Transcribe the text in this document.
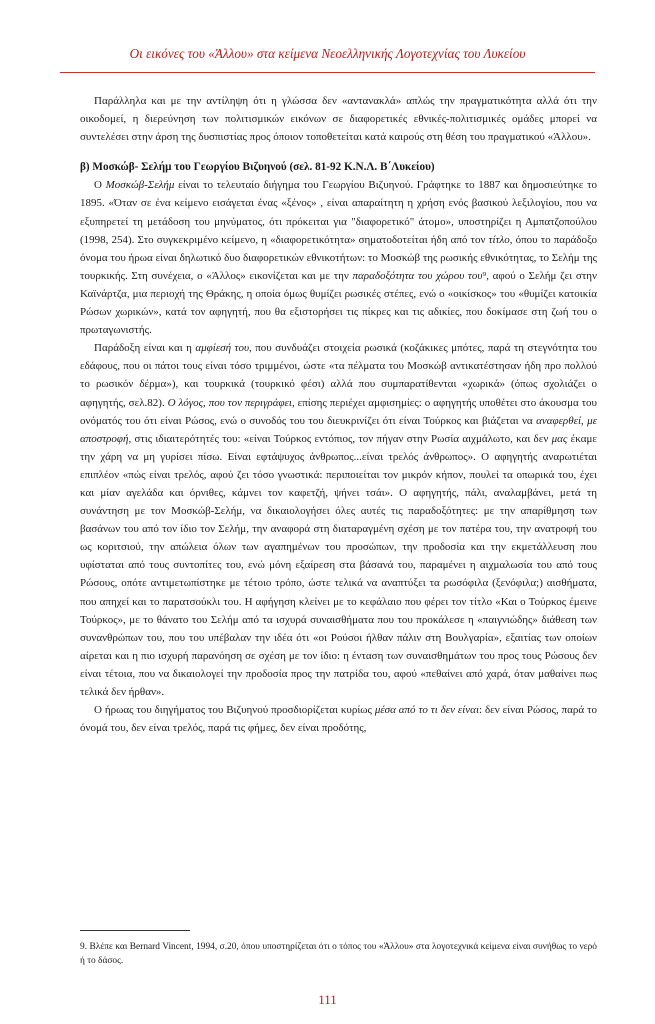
Οι εικόνες του «Άλλου» στα κείμενα Νεοελληνικής Λογοτεχνίας του Λυκείου

Παράλληλα και με την αντίληψη ότι η γλώσσα δεν «αντανακλά» απλώς την πραγματικότητα αλλά ότι την οικοδομεί, η διερεύνηση των πολιτισμικών εικόνων σε διαφορετικές εθνικές-πολιτισμικές ομάδες μπορεί να συντελέσει στην άρση της δυσπιστίας προς όποιον τοποθετείται κατά καιρούς στη θέση του πραγματικού «Άλλου».

β) Μοσκώβ- Σελήμ του Γεωργίου Βιζυηνού (σελ. 81-92 Κ.Ν.Λ. Β΄Λυκείου)

Ο Μοσκώβ-Σελήμ είναι το τελευταίο διήγημα του Γεωργίου Βιζυηνού. Γράφτηκε το 1887 και δημοσιεύτηκε το 1895. «Όταν σε ένα κείμενο εισάγεται ένας «ξένος» , είναι απαραίτητη η χρήση ενός βασικού λεξιλογίου, που να εξυπηρετεί τη μετάδοση του μηνύματος, ότι πρόκειται για "διαφορετικό" άτομο», υποστηρίζει η Αμπατζοπούλου (1998, 254). Στο συγκεκριμένο κείμενο, η «διαφορετικότητα» σηματοδοτείται ήδη από τον τίτλο, όπου το παράδοξο όνομα του ήρωα είναι δηλωτικό δυο διαφορετικών εθνικοτήτων: το Μοσκώβ της ρωσικής εθνικότητας, το Σελήμ της τουρκικής. Στη συνέχεια, ο «Άλλος» εικονίζεται και με την παραδοξότητα του χώρου του⁹, αφού ο Σελήμ ζει στην Καϊνάρτζα, μια περιοχή της Θράκης, η οποία όμως θυμίζει ρωσικές στέπες, ενώ ο «οικίσκος» του «θυμίζει κατοικία Ρώσων χωρικών», κατά τον αφηγητή, που θα εξιστορήσει τις πίκρες και τις αδικίες, που δοκίμασε στη ζωή του ο πρωταγωνιστής.

Παράδοξη είναι και η αμφίεσή του, που συνδυάζει στοιχεία ρωσικά (κοζάκικες μπότες, παρά τη στεγνότητα του εδάφους, που οι πάτοι τους είναι τόσο τριμμένοι, ώστε «τα πέλματα του Μοσκώβ αντικατέστησαν ήδη προ πολλού το ρωσικόν δέρμα»), και τουρκικά (τουρκικό φέσι) αλλά που συμπαρατίθενται «χωρικά» (όπως σχολιάζει ο αφηγητής, σελ.82). Ο λόγος, που τον περιγράφει, επίσης περιέχει αμφισημίες: ο αφηγητής υποθέτει στο άκουσμα του ονόματός του ότι είναι Ρώσος, ενώ ο συνοδός του του διευκρινίζει ότι είναι Τούρκος και βιάζεται να αναφερθεί, με αποστροφή, στις ιδιαιτερότητές του: «είναι Τούρκος εντόπιος, τον πήγαν στην Ρωσία αιχμάλωτο, και δεν μας έκαμε την χάρη να μη γυρίσει πίσω. Είναι εφτάψυχος άνθρωπος...είναι τρελός άνθρωπος». Ο αφηγητής αναρωτιέται επιπλέον «πώς είναι τρελός, αφού ζει τόσο γνωστικά: περιποιείται τον μικρόν κήπον, πουλεί τα οπωρικά του, έχει και μίαν αγελάδα και όρνιθες, κάμνει τον καφετζή, ψήνει τσάι». Ο αφηγητής, πάλι, αναλαμβάνει, μετά τη συνάντηση με τον Μοσκώβ-Σελήμ, να δικαιολογήσει όλες αυτές τις παραδοξότητες: με την απαρίθμηση των βασάνων του από τον ίδιο τον Σελήμ, την αναφορά στη διαταραγμένη σχέση με τον πατέρα του, την ανατροφή του ως κοριτσιού, την απώλεια όλων των αγαπημένων του προσώπων, την προδοσία και την εκμετάλλευση που υφίσταται από τους συντοπίτες του, ενώ μόνη εξαίρεση στα βάσανά του, παραμένει η αιχμαλωσία του από τους Ρώσους, οπότε αντιμετωπίστηκε με τέτοιο τρόπο, ώστε τελικά να αναπτύξει τα ρωσόφιλα (ξενόφιλα;) αισθήματα, που απηχεί και το παρατσούκλι του. Η αφήγηση κλείνει με το κεφάλαιο που φέρει τον τίτλο «Και ο Τούρκος έμεινε Τούρκος», με το θάνατο του Σελήμ από τα ισχυρά συναισθήματα που του προκάλεσε η «παιγνιώδης» διάθεση των συνανθρώπων του, που του υπέβαλαν την ιδέα ότι «οι Ρούσοι ήλθαν πάλιν στη Βουλγαρία», εξαιτίας των οποίων αίρεται και η πιο ισχυρή παρανόηση σε σχέση με τον ίδιο: η ένταση των συναισθημάτων του προς τους Ρώσους δεν είναι τέτοια, που να δικαιολογεί την προδοσία προς την πατρίδα του, αφού «πεθαίνει από χαρά, όταν μαθαίνει πως τελικά δεν ήρθαν».

Ο ήρωας του διηγήματος του Βιζυηνού προσδιορίζεται κυρίως μέσα από το τι δεν είναι: δεν είναι Ρώσος, παρά το όνομά του, δεν είναι τρελός, παρά τις φήμες, δεν είναι προδότης,

9. Βλέπε και Bernard Vincent, 1994, σ.20, όπου υποστηρίζεται ότι ο τόπος του «Άλλου» στα λογοτεχνικά κείμενα είναι συνήθως το νερό ή το δάσος.
111
